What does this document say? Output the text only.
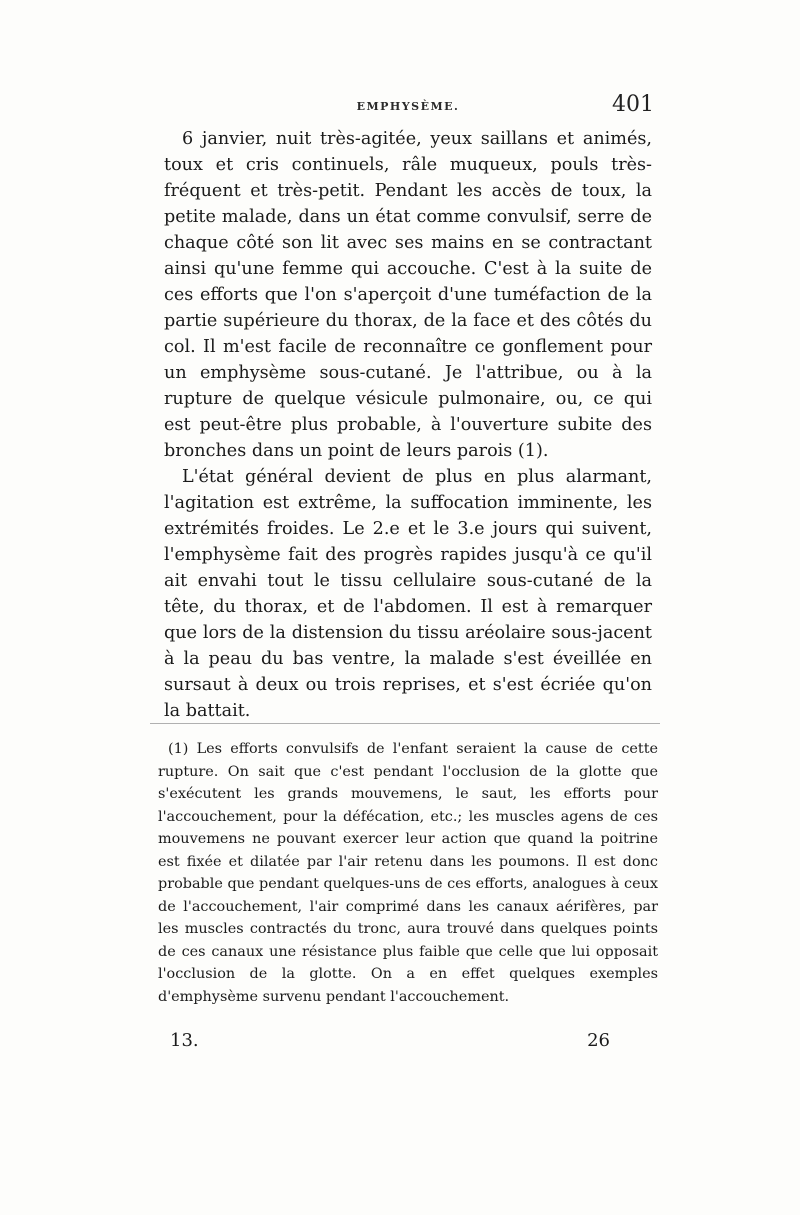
EMPHYSÈME.	401

6 janvier, nuit très-agitée, yeux saillans et animés, toux et cris continuels, râle muqueux, pouls très-fréquent et très-petit. Pendant les accès de toux, la petite malade, dans un état comme convulsif, serre de chaque côté son lit avec ses mains en se contractant ainsi qu'une femme qui accouche. C'est à la suite de ces efforts que l'on s'aperçoit d'une tuméfaction de la partie supérieure du thorax, de la face et des côtés du col. Il m'est facile de reconnaître ce gonflement pour un emphysème sous-cutané. Je l'attribue, ou à la rupture de quelque vésicule pulmonaire, ou, ce qui est peut-être plus probable, à l'ouverture subite des bronches dans un point de leurs parois (1).

L'état général devient de plus en plus alarmant, l'agitation est extrême, la suffocation imminente, les extrémités froides. Le 2.e et le 3.e jours qui suivent, l'emphysème fait des progrès rapides jusqu'à ce qu'il ait envahi tout le tissu cellulaire sous-cutané de la tête, du thorax, et de l'abdomen. Il est à remarquer que lors de la distension du tissu aréolaire sous-jacent à la peau du bas ventre, la malade s'est éveillée en sursaut à deux ou trois reprises, et s'est écriée qu'on la battait.

(1) Les efforts convulsifs de l'enfant seraient la cause de cette rupture. On sait que c'est pendant l'occlusion de la glotte que s'exécutent les grands mouvemens, le saut, les efforts pour l'accouchement, pour la défécation, etc.; les muscles agens de ces mouvemens ne pouvant exercer leur action que quand la poitrine est fixée et dilatée par l'air retenu dans les poumons. Il est donc probable que pendant quelques-uns de ces efforts, analogues à ceux de l'accouchement, l'air comprimé dans les canaux aérifères, par les muscles contractés du tronc, aura trouvé dans quelques points de ces canaux une résistance plus faible que celle que lui opposait l'occlusion de la glotte. On a en effet quelques exemples d'emphysème survenu pendant l'accouchement.

13.	26
